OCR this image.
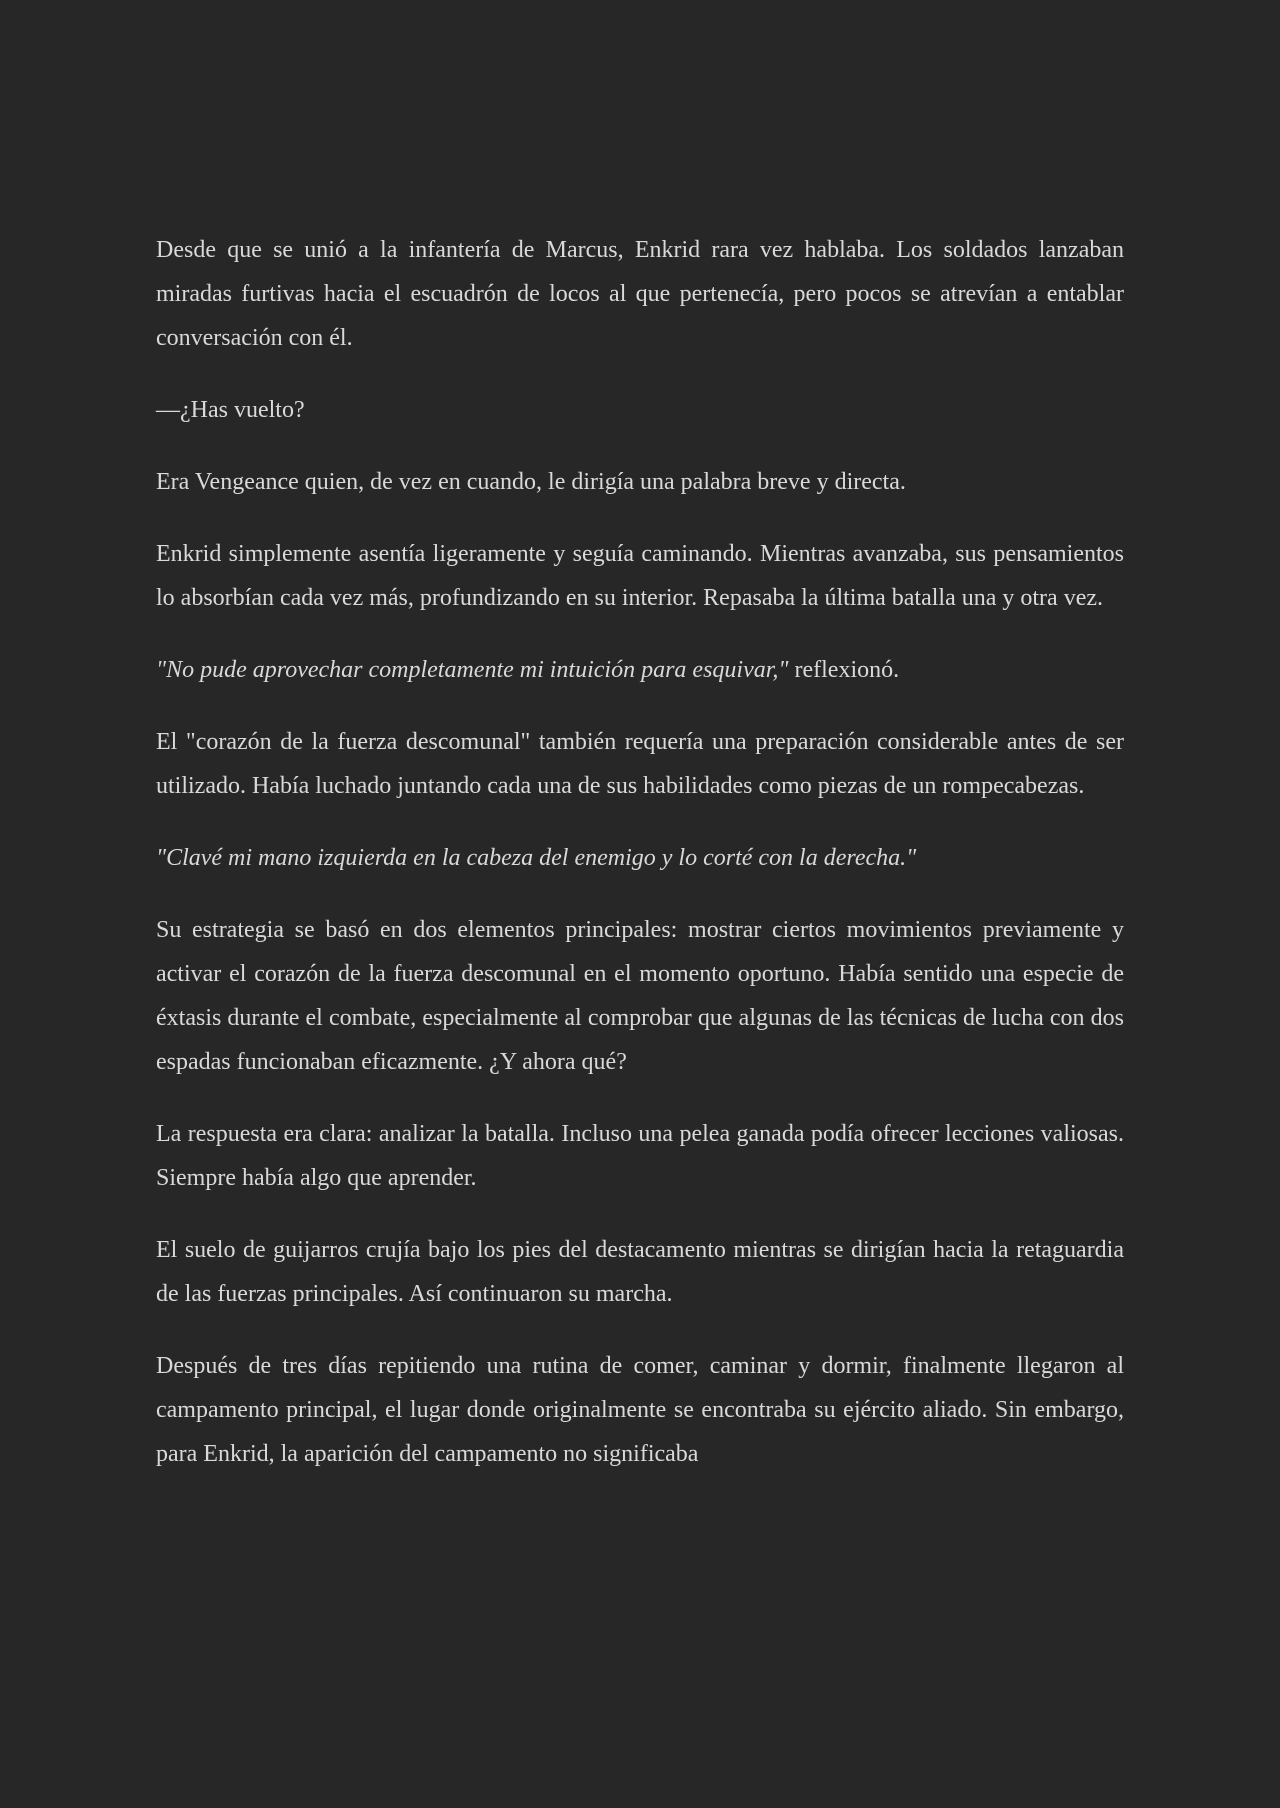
Desde que se unió a la infantería de Marcus, Enkrid rara vez hablaba. Los soldados lanzaban miradas furtivas hacia el escuadrón de locos al que pertenecía, pero pocos se atrevían a entablar conversación con él.

—¿Has vuelto?

Era Vengeance quien, de vez en cuando, le dirigía una palabra breve y directa.

Enkrid simplemente asentía ligeramente y seguía caminando. Mientras avanzaba, sus pensamientos lo absorbían cada vez más, profundizando en su interior. Repasaba la última batalla una y otra vez.

"No pude aprovechar completamente mi intuición para esquivar," reflexionó.

El "corazón de la fuerza descomunal" también requería una preparación considerable antes de ser utilizado. Había luchado juntando cada una de sus habilidades como piezas de un rompecabezas.

"Clavé mi mano izquierda en la cabeza del enemigo y lo corté con la derecha."

Su estrategia se basó en dos elementos principales: mostrar ciertos movimientos previamente y activar el corazón de la fuerza descomunal en el momento oportuno. Había sentido una especie de éxtasis durante el combate, especialmente al comprobar que algunas de las técnicas de lucha con dos espadas funcionaban eficazmente. ¿Y ahora qué?

La respuesta era clara: analizar la batalla. Incluso una pelea ganada podía ofrecer lecciones valiosas. Siempre había algo que aprender.

El suelo de guijarros crujía bajo los pies del destacamento mientras se dirigían hacia la retaguardia de las fuerzas principales. Así continuaron su marcha.

Después de tres días repitiendo una rutina de comer, caminar y dormir, finalmente llegaron al campamento principal, el lugar donde originalmente se encontraba su ejército aliado. Sin embargo, para Enkrid, la aparición del campamento no significaba
